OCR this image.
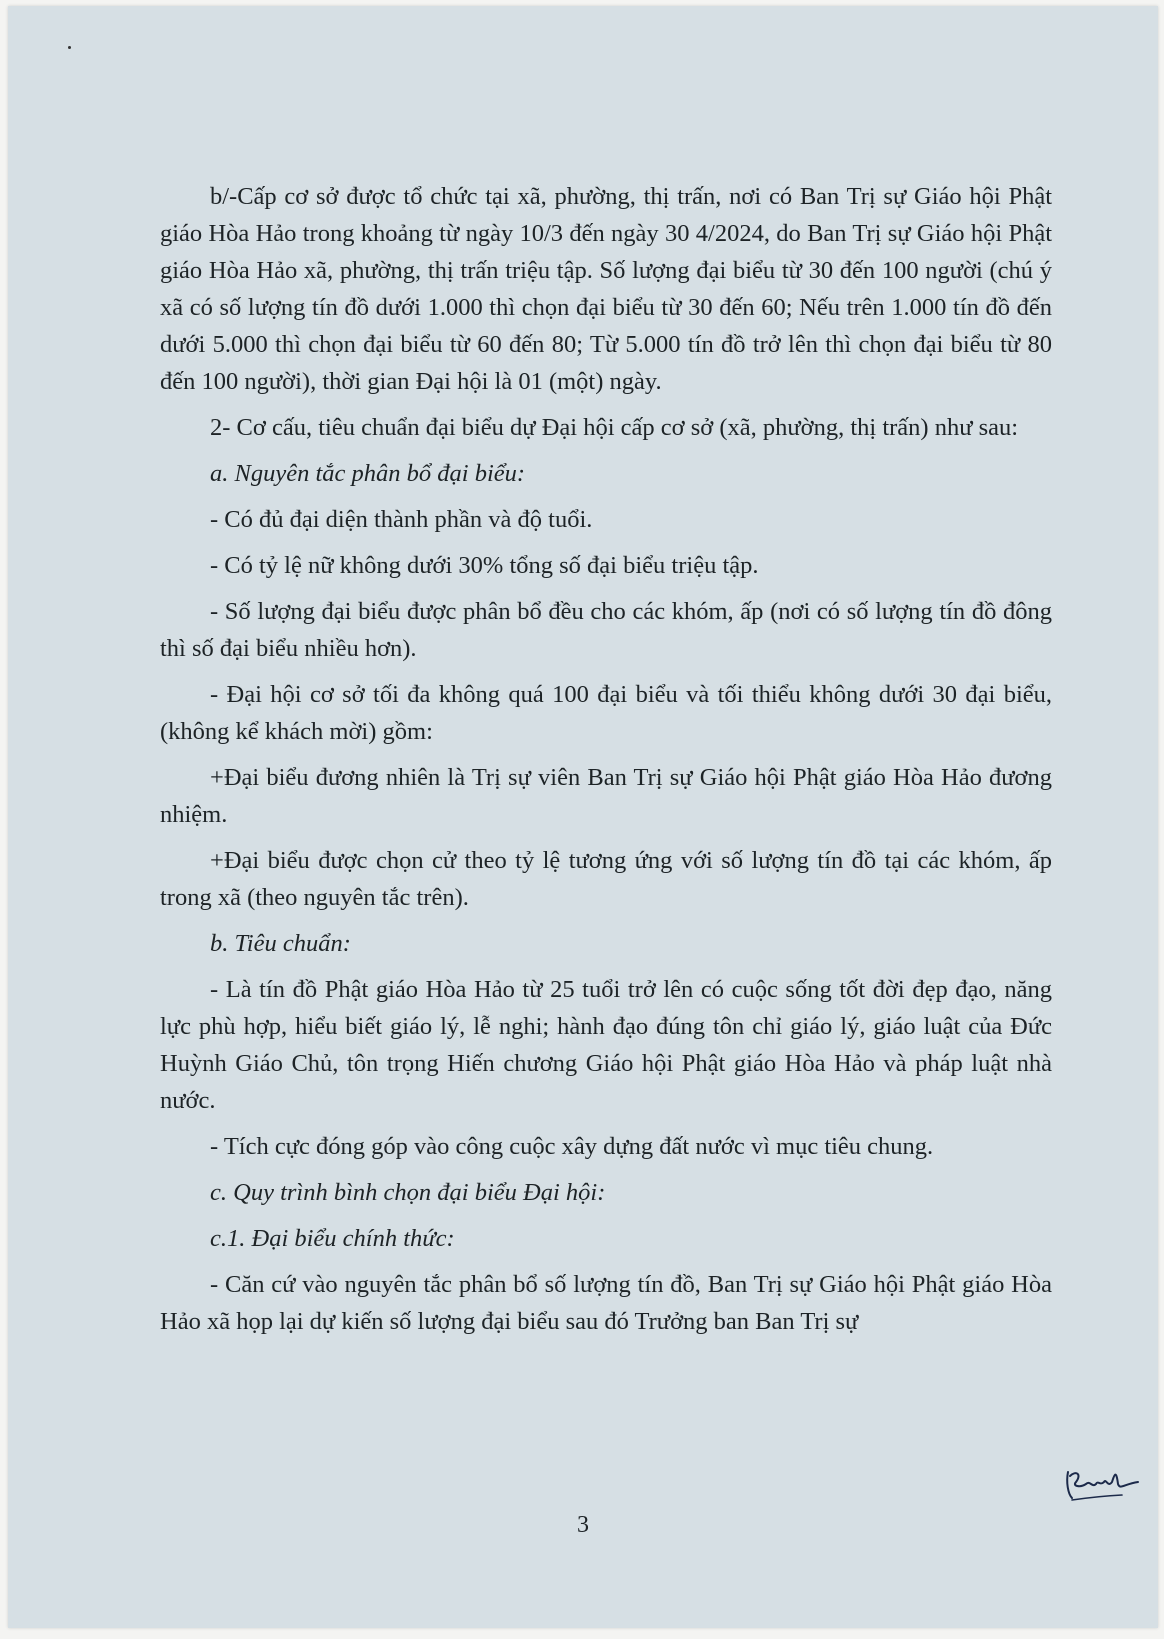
b/-Cấp cơ sở được tổ chức tại xã, phường, thị trấn, nơi có Ban Trị sự Giáo hội Phật giáo Hòa Hảo trong khoảng từ ngày 10/3 đến ngày 30 4/2024, do Ban Trị sự Giáo hội Phật giáo Hòa Hảo xã, phường, thị trấn triệu tập. Số lượng đại biểu từ 30 đến 100 người (chú ý xã có số lượng tín đồ dưới 1.000 thì chọn đại biểu từ 30 đến 60; Nếu trên 1.000 tín đồ đến dưới 5.000 thì chọn đại biểu từ 60 đến 80; Từ 5.000 tín đồ trở lên thì chọn đại biểu từ 80 đến 100 người), thời gian Đại hội là 01 (một) ngày.

2- Cơ cấu, tiêu chuẩn đại biểu dự Đại hội cấp cơ sở (xã, phường, thị trấn) như sau:

a. Nguyên tắc phân bổ đại biểu:

- Có đủ đại diện thành phần và độ tuổi.

- Có tỷ lệ nữ không dưới 30% tổng số đại biểu triệu tập.

- Số lượng đại biểu được phân bổ đều cho các khóm, ấp (nơi có số lượng tín đồ đông thì số đại biểu nhiều hơn).

- Đại hội cơ sở tối đa không quá 100 đại biểu và tối thiểu không dưới 30 đại biểu, (không kể khách mời) gồm:

+Đại biểu đương nhiên là Trị sự viên Ban Trị sự Giáo hội Phật giáo Hòa Hảo đương nhiệm.

+Đại biểu được chọn cử theo tỷ lệ tương ứng với số lượng tín đồ tại các khóm, ấp trong xã (theo nguyên tắc trên).

b. Tiêu chuẩn:

- Là tín đồ Phật giáo Hòa Hảo từ 25 tuổi trở lên có cuộc sống tốt đời đẹp đạo, năng lực phù hợp, hiểu biết giáo lý, lễ nghi; hành đạo đúng tôn chỉ giáo lý, giáo luật của Đức Huỳnh Giáo Chủ, tôn trọng Hiến chương Giáo hội Phật giáo Hòa Hảo và pháp luật nhà nước.

- Tích cực đóng góp vào công cuộc xây dựng đất nước vì mục tiêu chung.

c. Quy trình bình chọn đại biểu Đại hội:

c.1. Đại biểu chính thức:

- Căn cứ vào nguyên tắc phân bổ số lượng tín đồ, Ban Trị sự Giáo hội Phật giáo Hòa Hảo xã họp lại dự kiến số lượng đại biểu sau đó Trưởng ban Ban Trị sự

3
